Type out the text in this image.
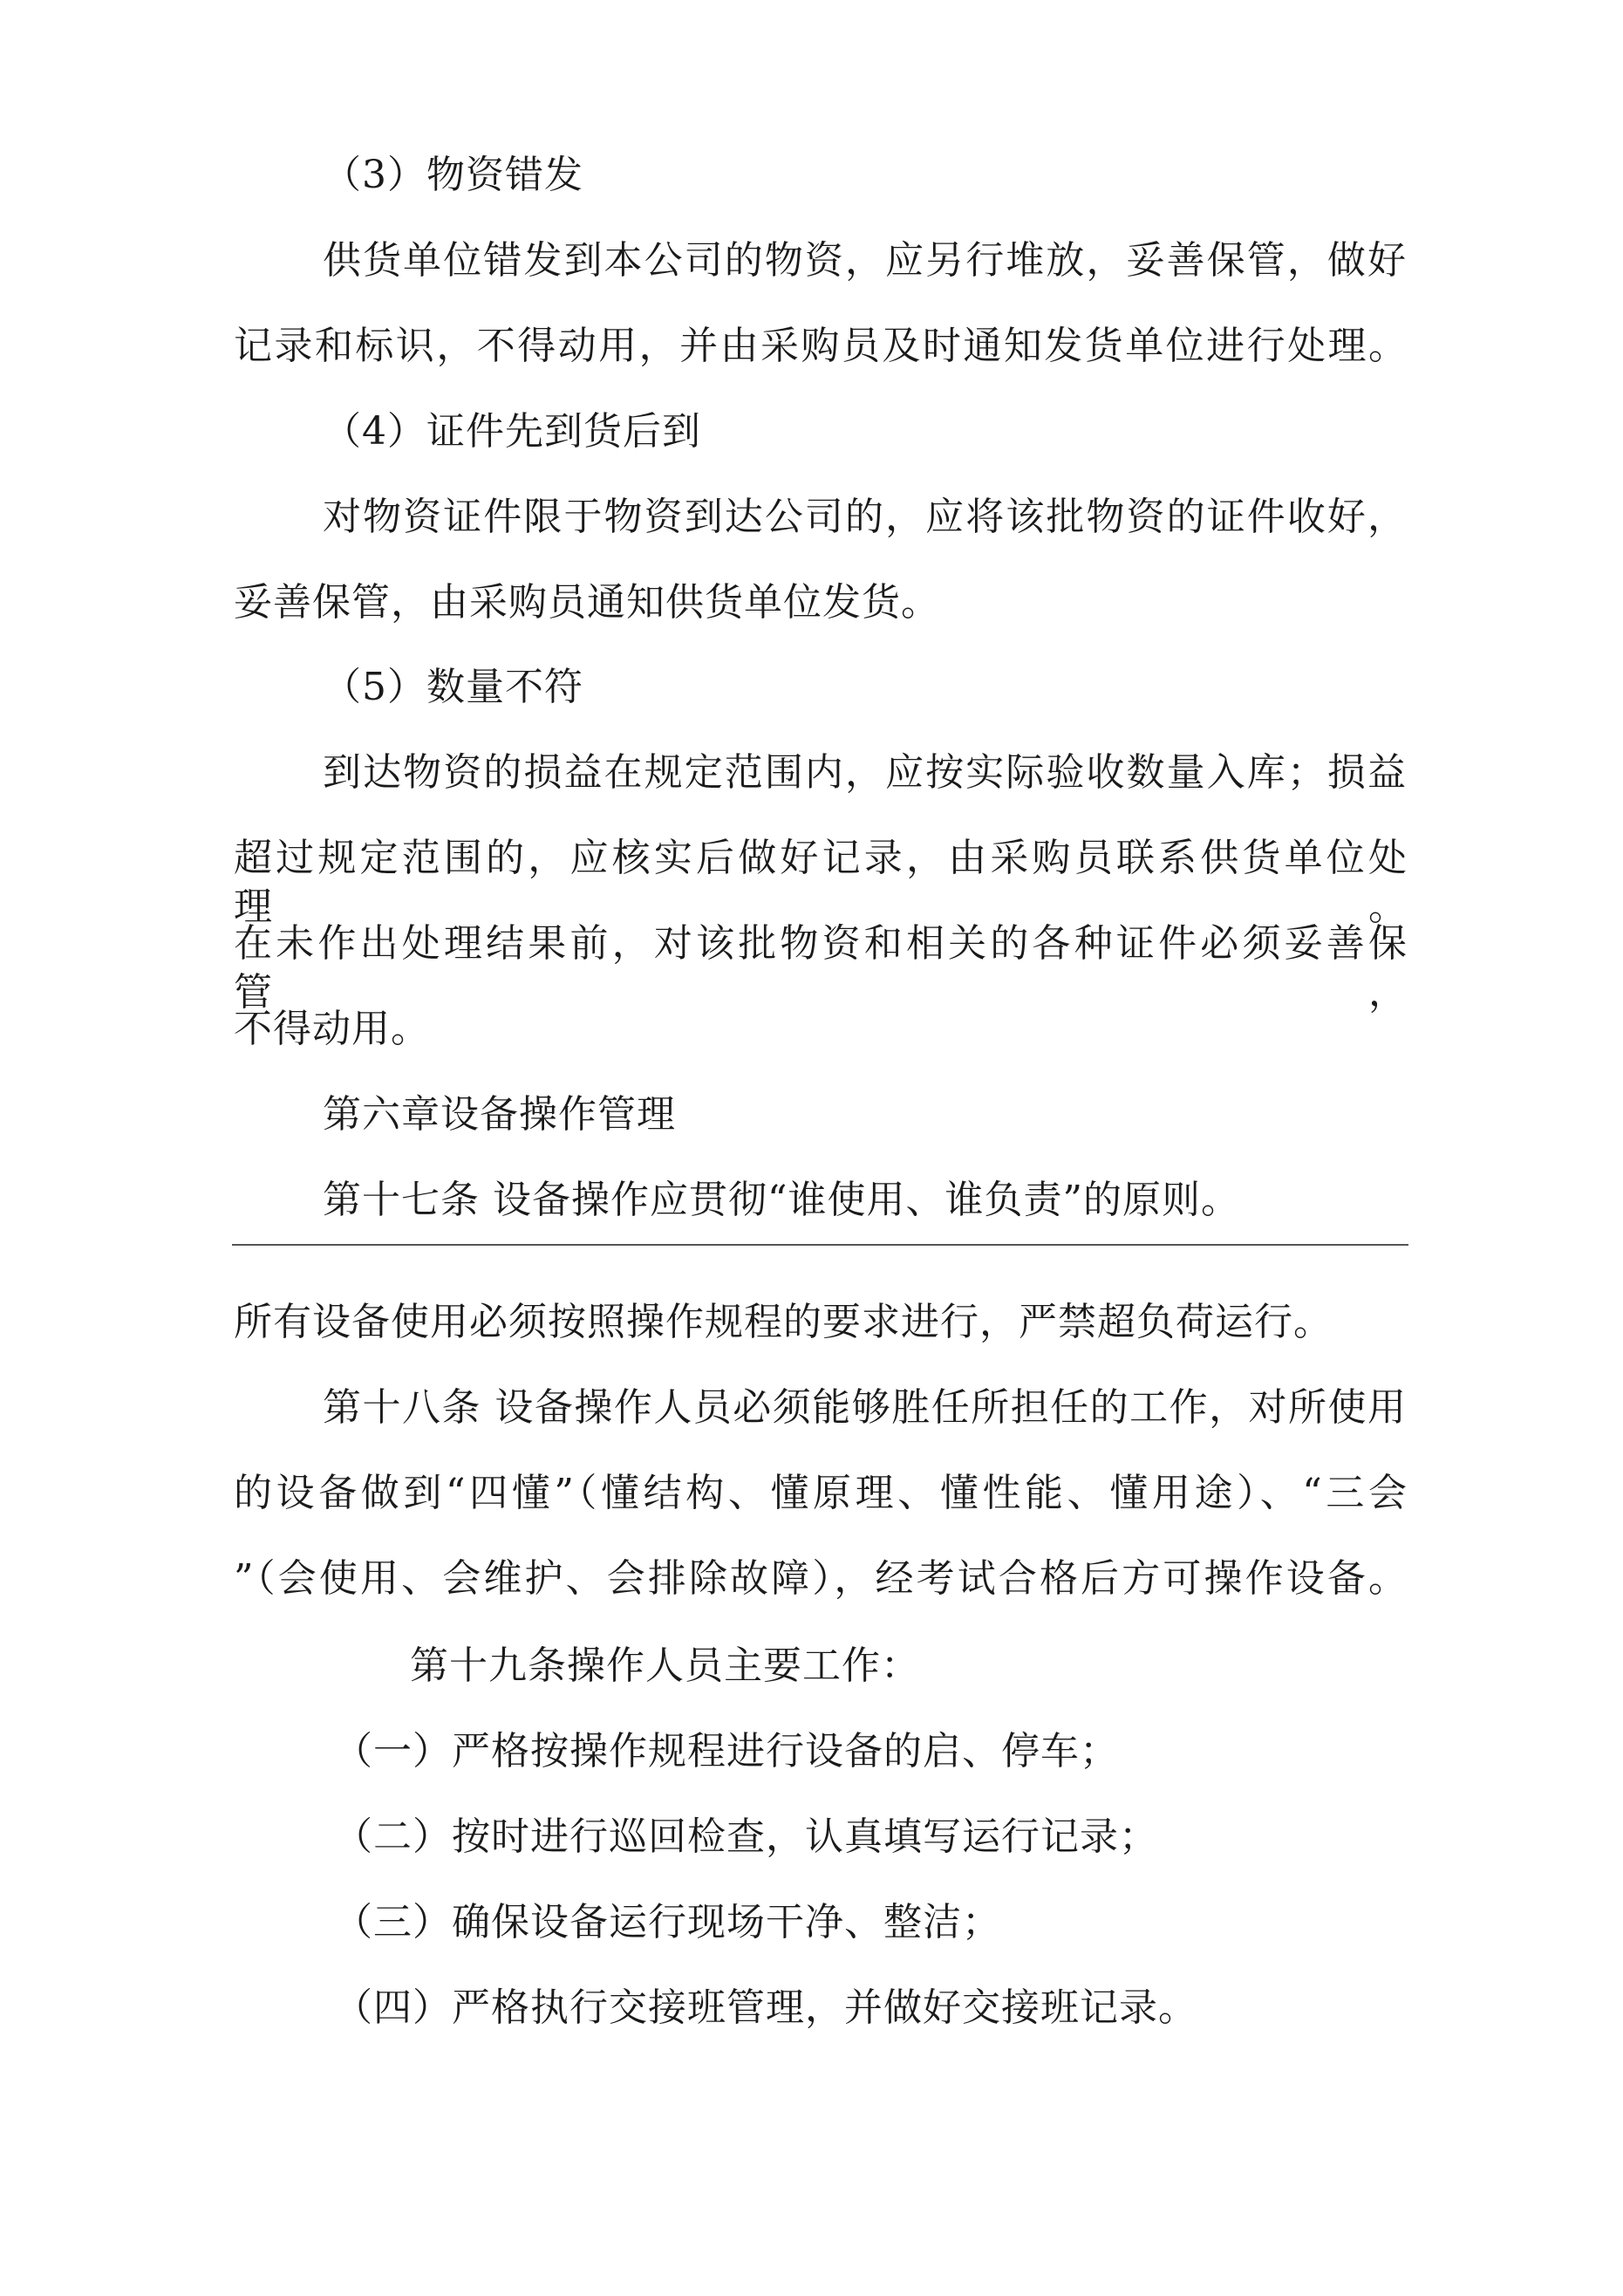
（3）物资错发

供货单位错发到本公司的物资，应另行堆放，妥善保管，做好

记录和标识，不得动用，并由采购员及时通知发货单位进行处理。

（4）证件先到货后到

对物资证件限于物资到达公司的，应将该批物资的证件收好，

妥善保管，由采购员通知供货单位发货。

（5）数量不符

到达物资的损益在规定范围内，应按实际验收数量入库；损益

超过规定范围的，应核实后做好记录，由采购员联系供货单位处理。

在未作出处理结果前，对该批物资和相关的各种证件必须妥善保管，

不得动用。

第六章设备操作管理

第十七条 设备操作应贯彻“谁使用、谁负责”的原则。

所有设备使用必须按照操作规程的要求进行，严禁超负荷运行。

第十八条 设备操作人员必须能够胜任所担任的工作，对所使用

的设备做到“四懂”（懂结构、懂原理、懂性能、懂用途）、“三会

”（会使用、会维护、会排除故障），经考试合格后方可操作设备。

第十九条操作人员主要工作：

（一）严格按操作规程进行设备的启、停车；

（二）按时进行巡回检查，认真填写运行记录；

（三）确保设备运行现场干净、整洁；

（四）严格执行交接班管理，并做好交接班记录。
